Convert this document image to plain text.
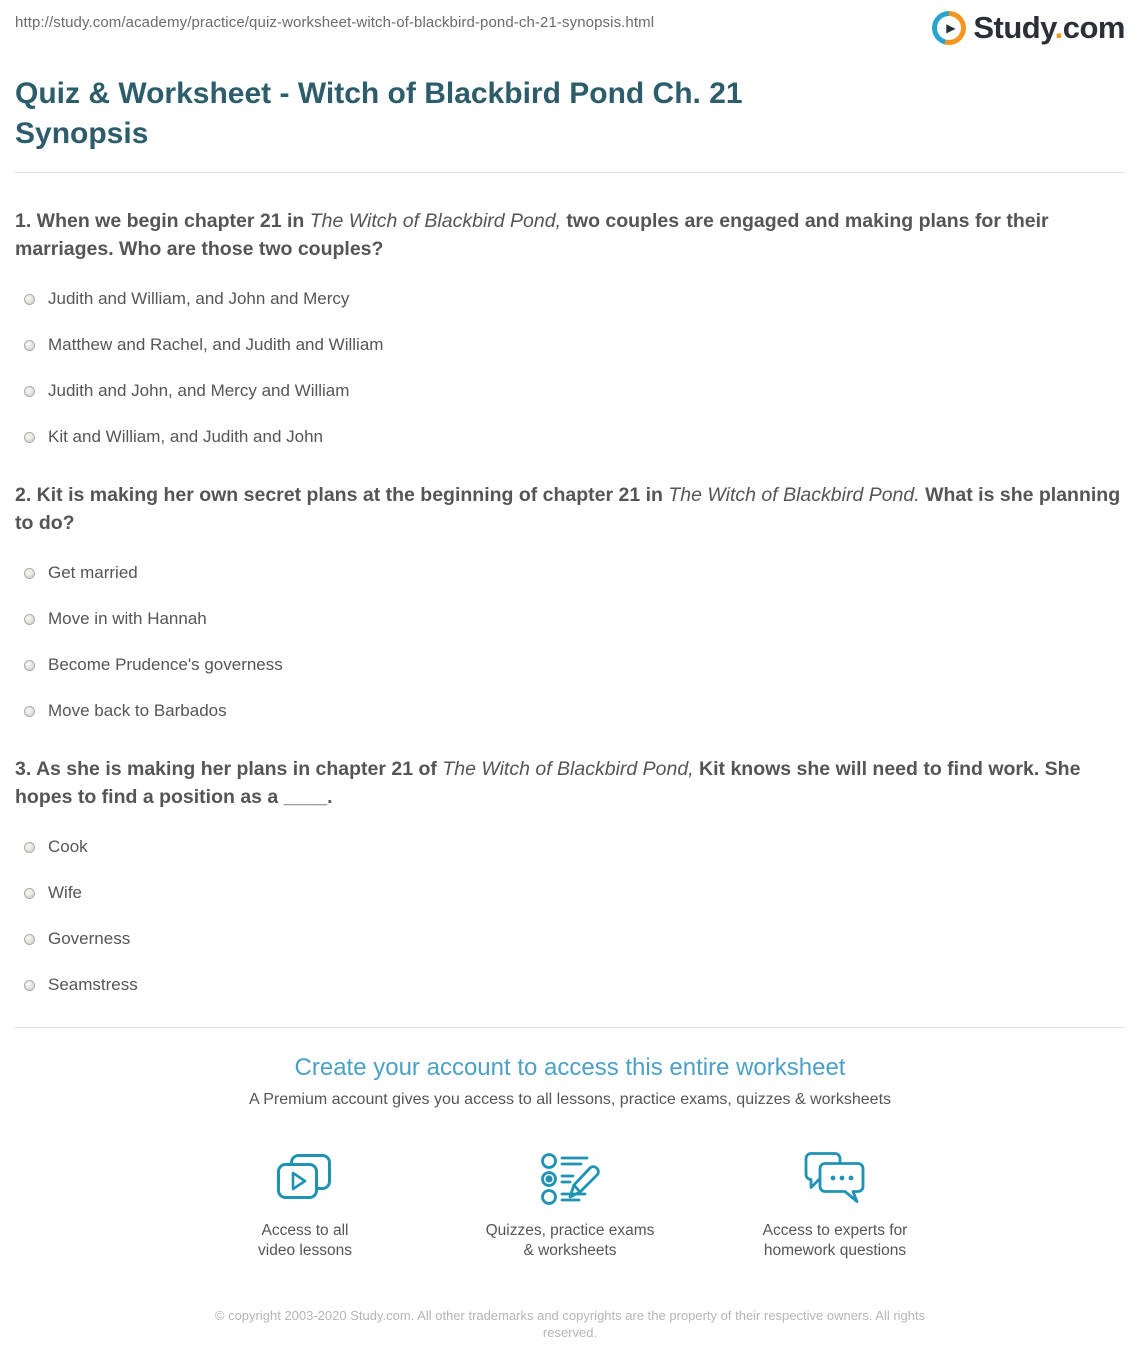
http://study.com/academy/practice/quiz-worksheet-witch-of-blackbird-pond-ch-21-synopsis.html	▶ Study.com
Quiz & Worksheet - Witch of Blackbird Pond Ch. 21 Synopsis
1. When we begin chapter 21 in The Witch of Blackbird Pond, two couples are engaged and making plans for their marriages. Who are those two couples?
Judith and William, and John and Mercy
Matthew and Rachel, and Judith and William
Judith and John, and Mercy and William
Kit and William, and Judith and John
2. Kit is making her own secret plans at the beginning of chapter 21 in The Witch of Blackbird Pond. What is she planning to do?
Get married
Move in with Hannah
Become Prudence's governess
Move back to Barbados
3. As she is making her plans in chapter 21 of The Witch of Blackbird Pond, Kit knows she will need to find work. She hopes to find a position as a ____.
Cook
Wife
Governess
Seamstress
Create your account to access this entire worksheet
A Premium account gives you access to all lessons, practice exams, quizzes & worksheets
Access to all
video lessons
Quizzes, practice exams
& worksheets
Access to experts for
homework questions
© copyright 2003-2020 Study.com. All other trademarks and copyrights are the property of their respective owners. All rights
reserved.
